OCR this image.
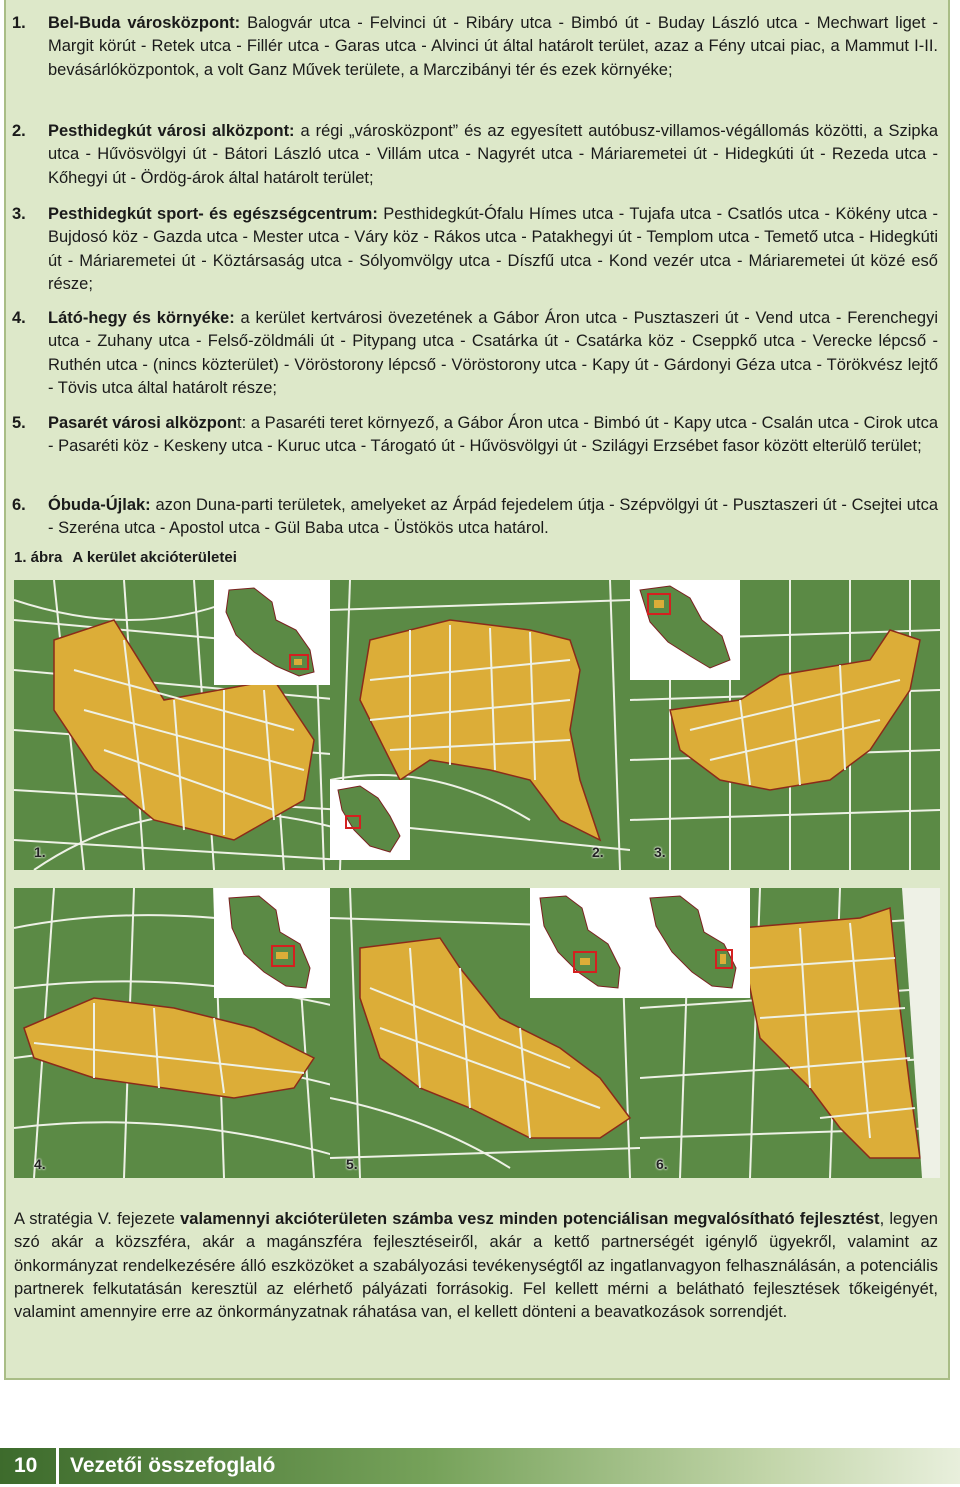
1. Bel-Buda városközpont: Balogvár utca - Felvinci út - Ribáry utca - Bimbó út - Buday László utca - Mechwart liget - Margit körút - Retek utca - Fillér utca - Garas utca - Alvinci út által határolt terület, azaz a Fény utcai piac, a Mammut I-II. bevásárlóközpontok, a volt Ganz Művek területe, a Marczibányi tér és ezek környéke;
2. Pesthidegkút városi alközpont: a régi „városközpont” és az egyesített autóbusz-villamos-végállomás közötti, a Szipka utca - Hűvösvölgyi út - Bátori László utca - Villám utca - Nagyrét utca - Máriaremetei út - Hidegkúti út - Rezeda utca - Kőhegyi út - Ördög-árok által határolt terület;
3. Pesthidegkút sport- és egészségcentrum: Pesthidegkút-Ófalu Hímes utca - Tujafa utca - Csatlós utca - Kökény utca - Bujdosó köz - Gazda utca - Mester utca - Váry köz - Rákos utca - Patakhegyi út - Templom utca - Temető utca - Hidegkúti út - Máriaremetei út - Köztársaság utca - Sólyomvölgy utca - Díszfű utca - Kond vezér utca - Máriaremetei út közé eső része;
4. Látó-hegy és környéke: a kerület kertvárosi övezetének a Gábor Áron utca - Pusztaszeri út - Vend utca - Ferenchegyi utca - Zuhany utca - Felső-zöldmáli út - Pitypang utca - Csatárka út - Csatárka köz - Cseppkő utca - Verecke lépcső - Ruthén utca - (nincs közterület) - Vöröstorony lépcső - Vöröstorony utca - Kapy út - Gárdonyi Géza utca - Törökvész lejtő - Tövis utca által határolt része;
5. Pasarét városi alközpont: a Pasaréti teret környező, a Gábor Áron utca - Bimbó út - Kapy utca - Csalán utca - Cirok utca - Pasaréti köz - Keskeny utca - Kuruc utca - Tárogató út - Hűvösvölgyi út - Szilágyi Erzsébet fasor között elterülő terület;
6. Óbuda-Újlak: azon Duna-parti területek, amelyeket az Árpád fejedelem útja - Szépvölgyi út - Pusztaszeri út - Csejtei utca - Szeréna utca - Apostol utca - Gül Baba utca - Üstökös utca határol.
1. ábra A kerület akcióterületei
1.	2.	3.
4.	5.	6.
A stratégia V. fejezete valamennyi akcióterületen számba vesz minden potenciálisan megvalósítható fejlesztést, legyen szó akár a közszféra, akár a magánszféra fejlesztéseiről, akár a kettő partnerségét igénylő ügyekről, valamint az önkormányzat rendelkezésére álló eszközöket a szabályozási tevékenységtől az ingatlanvagyon felhasználásán, a potenciális partnerek felkutatásán keresztül az elérhető pályázati forrásokig. Fel kellett mérni a belátható fejlesztések tőkeigényét, valamint amennyire erre az önkormányzatnak ráhatása van, el kellett dönteni a beavatkozások sorrendjét.
10 Vezetői összefoglaló
